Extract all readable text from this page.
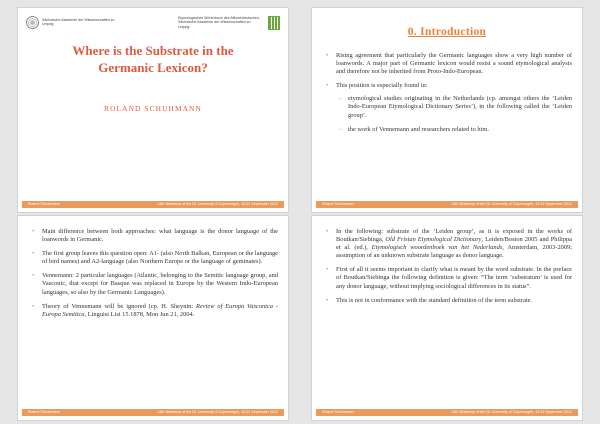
Sächsische Akademie der Wissenschaften zu Leipzig
Etymologisches Wörterbuch des Althochdeutschen, Sächsische Akademie der Wissenschaften zu Leipzig
Where is the Substrate in the
Germanic Lexicon?
ROLAND SCHUHMANN
Roland Schuhmann	14th Workshop of the GL University of Copenhagen, 19-21 September 2012
0. Introduction
• Rising agreement that particularly the Germanic languages show a very high number of loanwords. A major part of Germanic lexicon would resist a sound etymological analysis and therefore not be inherited from Proto-Indo-European.
• This position is especially found in:
– etymological studies originating in the Netherlands (cp. amongst others the ‘Leiden Indo-European Etymological Dictionary Series’), in the following called the ‘Leiden group’.
– the work of Vennemann and researchers related to him.
Roland Schuhmann	14th Workshop of the GL University of Copenhagen, 19-21 September 2012
• Main difference between both approaches: what language is the donor language of the loanwords in Germanic.
• The first group leaves this question open: A1- (also North Balkan, European or the language of bird names) and A2-language (also Northern Europe or the language of geminates).
• Vennemann: 2 particular languages (Atlantic, belonging to the Semitic language group, and Vasconic, that except for Basque was replaced in Europe by the Western Indo-European languages, so also by the Germanic Languages).
• Theory of Vennemann will be ignored (cp. H. Sheynin: Review of Europa Vasconica - Europa Semitica, Linguist List 15.1878, Mon Jun 21, 2004.
Roland Schuhmann	14th Workshop of the GL University of Copenhagen, 19-21 September 2012
• In the following: substrate of the ‘Leiden group’, as it is exposed in the works of Boutkan/Siebinga, Old Frisian Etymological Dictionary, Leiden/Boston 2005 and Philippa et al. (ed.), Etymologisch woordenboek van het Nederlands, Amsterdam, 2003-2009; assumption of an unknown substrate language as donor language.
• First of all it seems important to clarify what is meant by the word substrate. In the preface of Boutkan/Siebinga the following definition is given: “The term ‘substratum’ is used for any donor language, without implying sociological differences in its status”.
• This is not in conformance with the standard definition of the term substrate.
Roland Schuhmann	14th Workshop of the GL University of Copenhagen, 19-21 September 2012
